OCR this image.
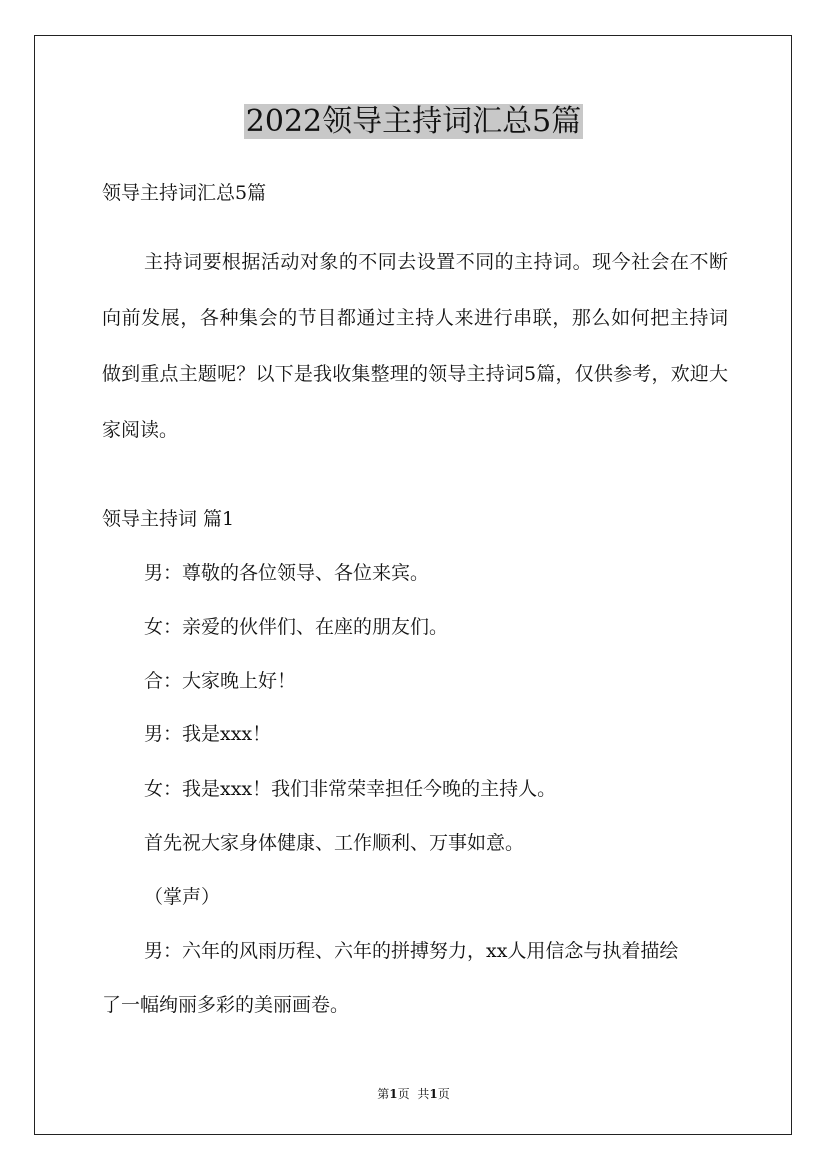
2022领导主持词汇总5篇

领导主持词汇总5篇

主持词要根据活动对象的不同去设置不同的主持词。现今社会在不断向前发展，各种集会的节目都通过主持人来进行串联，那么如何把主持词做到重点主题呢？以下是我收集整理的领导主持词5篇，仅供参考，欢迎大家阅读。

领导主持词 篇1

男：尊敬的各位领导、各位来宾。

女：亲爱的伙伴们、在座的朋友们。

合：大家晚上好！

男：我是xxx！

女：我是xxx！我们非常荣幸担任今晚的主持人。

首先祝大家身体健康、工作顺利、万事如意。

（掌声）

男：六年的风雨历程、六年的拼搏努力，xx人用信念与执着描绘

了一幅绚丽多彩的美丽画卷。

第1页 共1页
